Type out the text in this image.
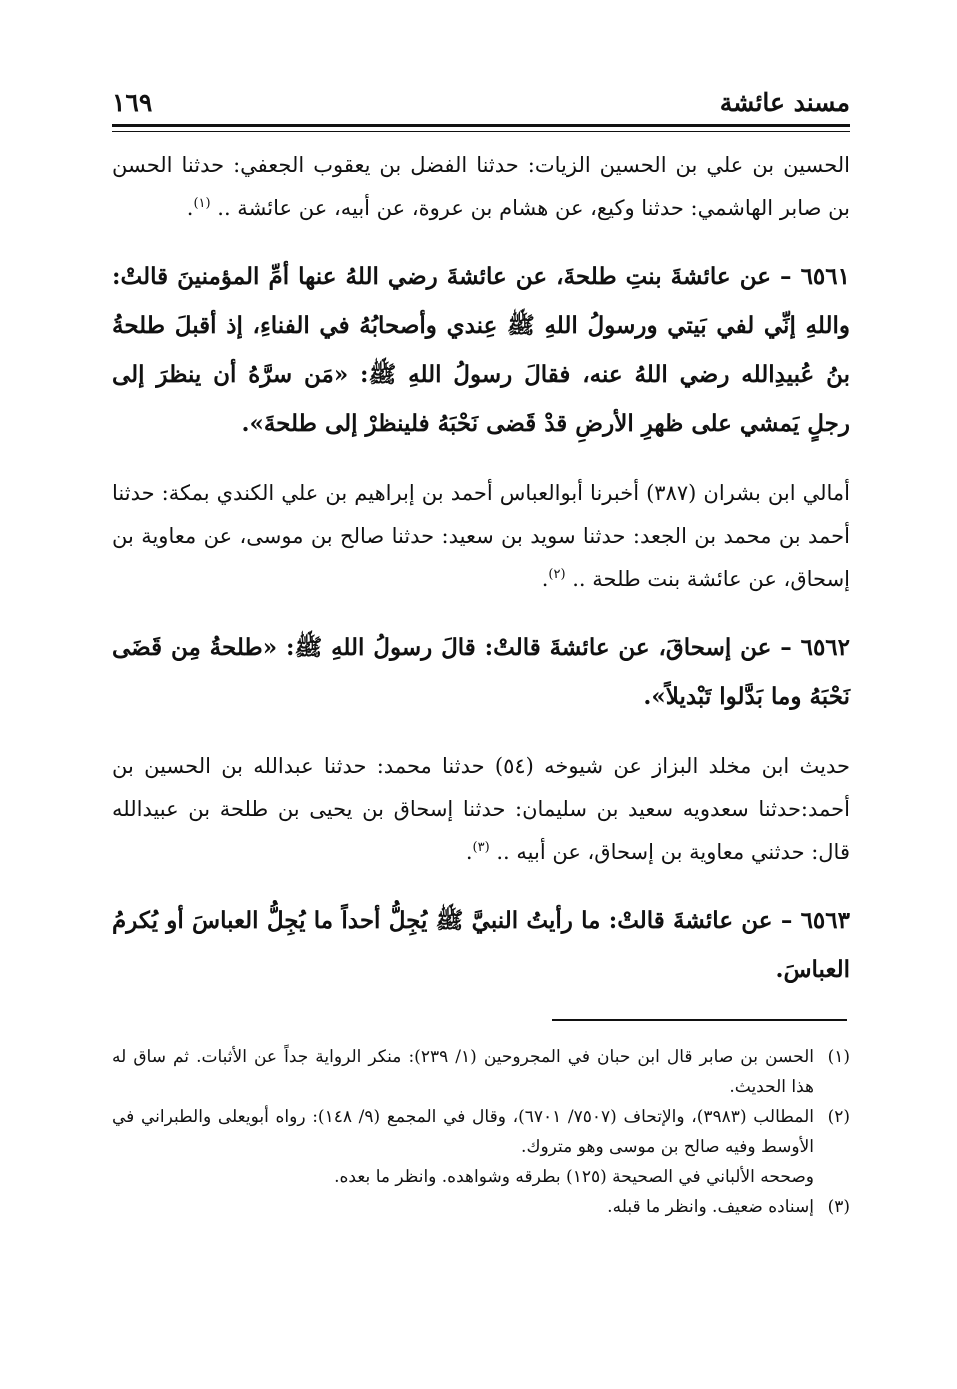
مسند عائشة
١٦٩

الحسين بن علي بن الحسين الزيات: حدثنا الفضل بن يعقوب الجعفي: حدثنا الحسن بن صابر الهاشمي: حدثنا وكيع، عن هشام بن عروة، عن أبيه، عن عائشة .. $^{(١)}$.

٦٥٦١ – عن عائشةَ بنتِ طلحةَ، عن عائشةَ رضي اللهُ عنها أمِّ المؤمنينَ قالتْ: واللهِ إنِّي لفي بَيتي ورسولُ اللهِ ﷺ عِندي وأصحابُهُ في الفناءِ، إذ أقبلَ طلحةُ بنُ عُبيدِالله رضي اللهُ عنه، فقالَ رسولُ اللهِ ﷺ: «مَن سرَّهُ أن ينظرَ إلى رجلٍ يَمشي على ظهرِ الأرضِ قدْ قَضى نَحْبَهُ فلينظرْ إلى طلحةَ».

أمالي ابن بشران (٣٨٧) أخبرنا أبوالعباس أحمد بن إبراهيم بن علي الكندي بمكة: حدثنا أحمد بن محمد بن الجعد: حدثنا سويد بن سعيد: حدثنا صالح بن موسى، عن معاوية بن إسحاق، عن عائشة بنت طلحة .. $^{(٢)}$.

٦٥٦٢ – عن إسحاقَ، عن عائشةَ قالتْ: قالَ رسولُ اللهِ ﷺ: «طلحةُ مِن قَضَى نَحْبَهُ وما بَدَّلوا تَبْديلاً».

حديث ابن مخلد البزاز عن شيوخه (٥٤) حدثنا محمد: حدثنا عبدالله بن الحسين بن أحمد:حدثنا سعدويه سعيد بن سليمان: حدثنا إسحاق بن يحيى بن طلحة بن عبيدالله قال: حدثني معاوية بن إسحاق، عن أبيه .. $^{(٣)}$.

٦٥٦٣ – عن عائشةَ قالتْ: ما رأيتُ النبيَّ ﷺ يُجِلُّ أحداً ما يُجِلُّ العباسَ أو يُكرمُ العباسَ.

(١)
الحسن بن صابر قال ابن حبان في المجروحين (١/ ٢٣٩): منكر الرواية جداً عن الأثبات. ثم ساق له هذا الحديث.

(٢)
المطالب (٣٩٨٣)، والإتحاف (٧٥٠٧/ ٦٧٠١)، وقال في المجمع (٩/ ١٤٨): رواه أبويعلى والطبراني في الأوسط وفيه صالح بن موسى وهو متروك.
وصححه الألباني في الصحيحة (١٢٥) بطرقه وشواهده. وانظر ما بعده.

(٣)
إسناده ضعيف. وانظر ما قبله.
